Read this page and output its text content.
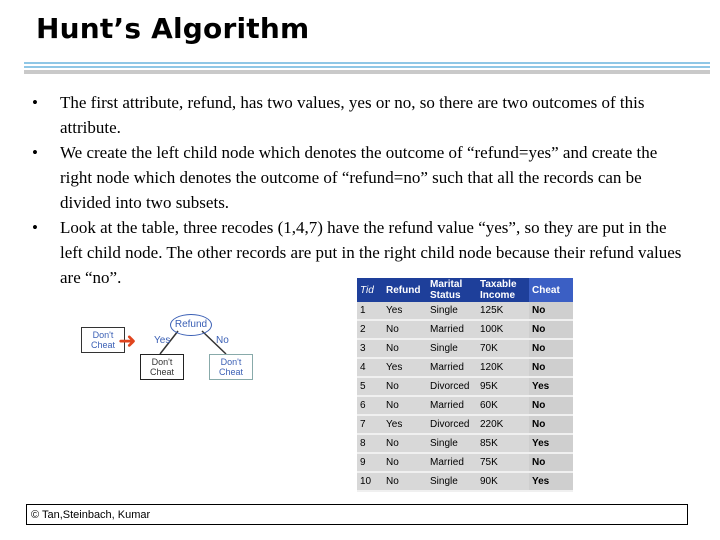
Hunt’s Algorithm
• The first attribute, refund, has two values, yes or no, so there are two outcomes of this attribute.
• We create the left child node which denotes the outcome of “refund=yes” and create the right node which denotes the outcome of “refund=no” such that all the records can be divided into two subsets.
• Look at the table, three recodes (1,4,7) have the refund value “yes”, so they are put in the left child node. The other records are put in the right child node because their refund values are “no”.
Don't Cheat ➜
Refund
Yes	No
Don't Cheat
Don't Cheat
Tid	Refund	Marital Status	Taxable Income	Cheat
1	Yes	Single	125K	No
2	No	Married	100K	No
3	No	Single	70K	No
4	Yes	Married	120K	No
5	No	Divorced	95K	Yes
6	No	Married	60K	No
7	Yes	Divorced	220K	No
8	No	Single	85K	Yes
9	No	Married	75K	No
10	No	Single	90K	Yes
© Tan,Steinbach, Kumar
